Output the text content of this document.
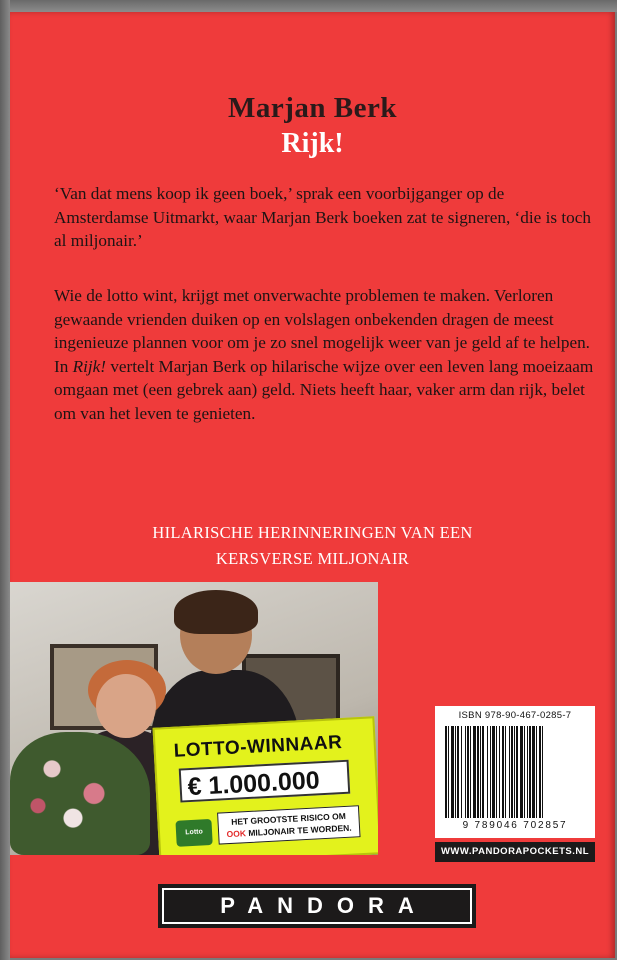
Marjan Berk
Rijk!

‘Van dat mens koop ik geen boek,’ sprak een voorbijganger op de Amsterdamse Uitmarkt, waar Marjan Berk boeken zat te signeren, ‘die is toch al miljonair.’

Wie de lotto wint, krijgt met onverwachte problemen te maken. Verloren gewaande vrienden duiken op en volslagen onbekenden dragen de meest ingenieuze plannen voor om je zo snel mogelijk weer van je geld af te helpen. In Rijk! vertelt Marjan Berk op hilarische wijze over een leven lang moeizaam omgaan met (een gebrek aan) geld. Niets heeft haar, vaker arm dan rijk, belet om van het leven te genieten.

HILARISCHE HERINNERINGEN VAN EEN
KERSVERSE MILJONAIR
LOTTO-WINNAAR
€ 1.000.000
Lotto
HET GROOTSTE RISICO OM OOK MILJONAIR TE WORDEN.
ISBN 978-90-467-0285-7
9 789046 702857
WWW.PANDORAPOCKETS.NL
PANDORA
